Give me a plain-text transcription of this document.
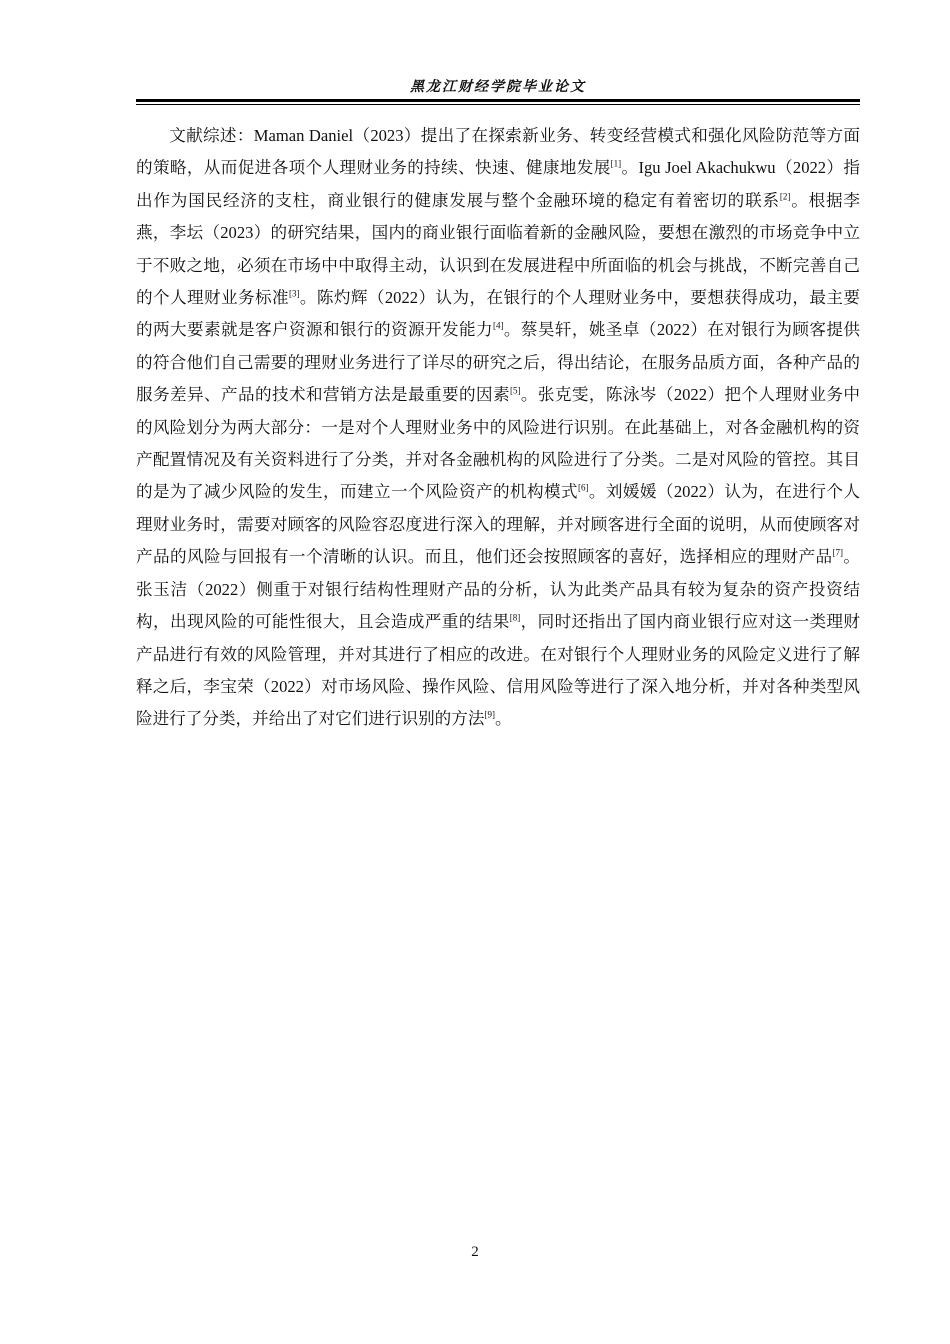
黑龙江财经学院毕业论文

文献综述：Maman Daniel（2023）提出了在探索新业务、转变经营模式和强化风险防范等方面的策略，从而促进各项个人理财业务的持续、快速、健康地发展[1]。Igu Joel Akachukwu（2022）指出作为国民经济的支柱，商业银行的健康发展与整个金融环境的稳定有着密切的联系[2]。根据李燕，李坛（2023）的研究结果，国内的商业银行面临着新的金融风险，要想在激烈的市场竞争中立于不败之地，必须在市场中中取得主动，认识到在发展进程中所面临的机会与挑战，不断完善自己的个人理财业务标准[3]。陈灼辉（2022）认为，在银行的个人理财业务中，要想获得成功，最主要的两大要素就是客户资源和银行的资源开发能力[4]。蔡昊轩，姚圣卓（2022）在对银行为顾客提供的符合他们自己需要的理财业务进行了详尽的研究之后，得出结论，在服务品质方面，各种产品的服务差异、产品的技术和营销方法是最重要的因素[5]。张克雯，陈泳岑（2022）把个人理财业务中的风险划分为两大部分：一是对个人理财业务中的风险进行识别。在此基础上，对各金融机构的资产配置情况及有关资料进行了分类，并对各金融机构的风险进行了分类。二是对风险的管控。其目的是为了减少风险的发生，而建立一个风险资产的机构模式[6]。刘媛媛（2022）认为，在进行个人理财业务时，需要对顾客的风险容忍度进行深入的理解，并对顾客进行全面的说明，从而使顾客对产品的风险与回报有一个清晰的认识。而且，他们还会按照顾客的喜好，选择相应的理财产品[7]。张玉洁（2022）侧重于对银行结构性理财产品的分析，认为此类产品具有较为复杂的资产投资结构，出现风险的可能性很大，且会造成严重的结果[8]，同时还指出了国内商业银行应对这一类理财产品进行有效的风险管理，并对其进行了相应的改进。在对银行个人理财业务的风险定义进行了解释之后，李宝荣（2022）对市场风险、操作风险、信用风险等进行了深入地分析，并对各种类型风险进行了分类，并给出了对它们进行识别的方法[9]。

2
